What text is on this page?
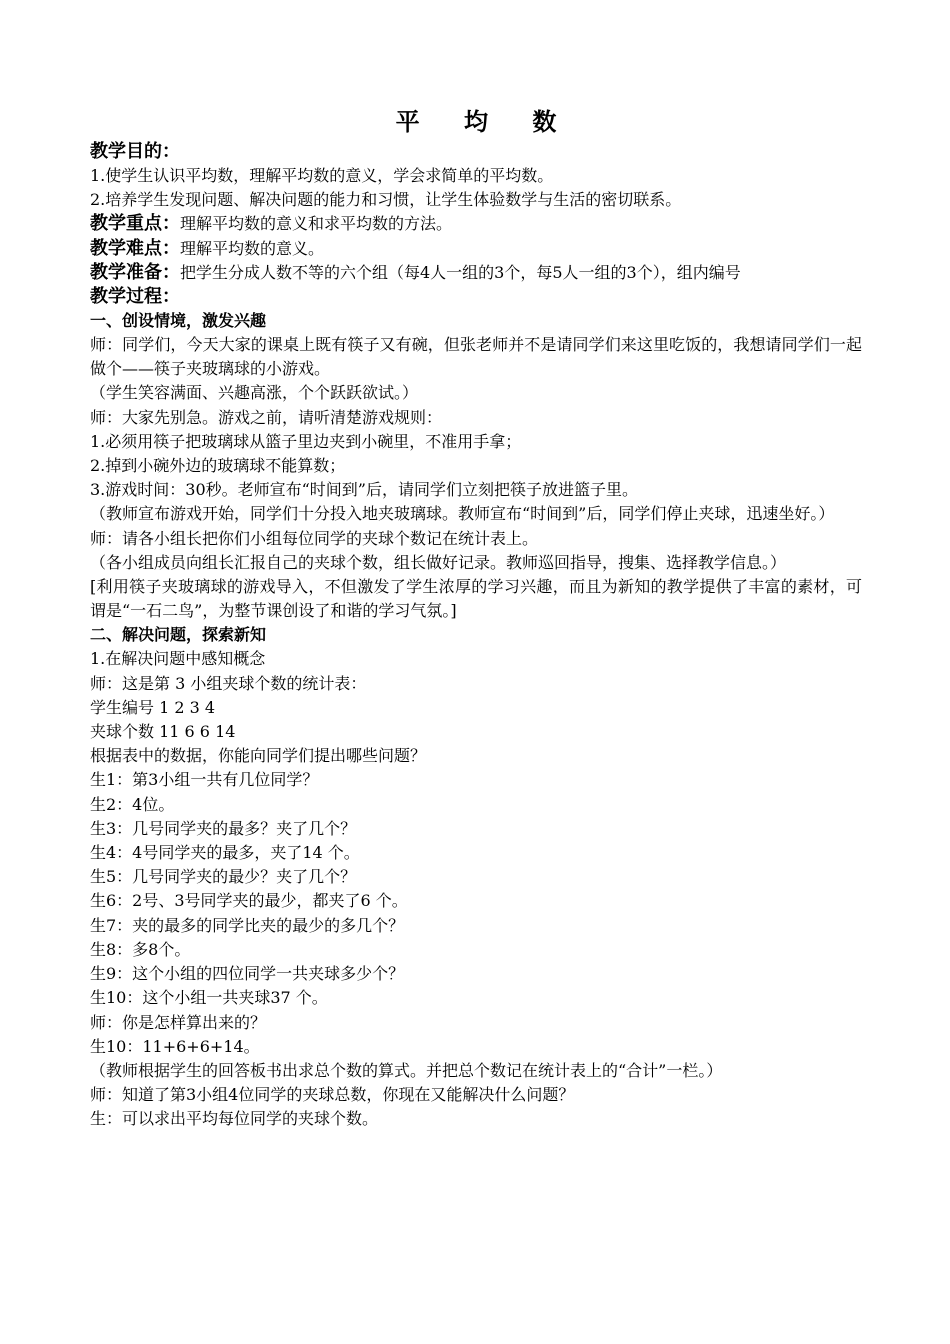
平 均 数
教学目的：
1.使学生认识平均数，理解平均数的意义，学会求简单的平均数。
2.培养学生发现问题、解决问题的能力和习惯，让学生体验数学与生活的密切联系。
教学重点：理解平均数的意义和求平均数的方法。
教学难点：理解平均数的意义。
教学准备：把学生分成人数不等的六个组（每4人一组的3个，每5人一组的3个），组内编号
教学过程：
一、创设情境，激发兴趣
师：同学们，今天大家的课桌上既有筷子又有碗，但张老师并不是请同学们来这里吃饭的，我想请同学们一起做个——筷子夹玻璃球的小游戏。
（学生笑容满面、兴趣高涨，个个跃跃欲试。）
师：大家先别急。游戏之前，请听清楚游戏规则：
1.必须用筷子把玻璃球从篮子里边夹到小碗里，不准用手拿；
2.掉到小碗外边的玻璃球不能算数；
3.游戏时间：30秒。老师宣布“时间到”后，请同学们立刻把筷子放进篮子里。
（教师宣布游戏开始，同学们十分投入地夹玻璃球。教师宣布“时间到”后，同学们停止夹球，迅速坐好。）
师：请各小组长把你们小组每位同学的夹球个数记在统计表上。
（各小组成员向组长汇报自己的夹球个数，组长做好记录。教师巡回指导，搜集、选择教学信息。）
[利用筷子夹玻璃球的游戏导入，不但激发了学生浓厚的学习兴趣，而且为新知的教学提供了丰富的素材，可谓是“一石二鸟”，为整节课创设了和谐的学习气氛。]
二、解决问题，探索新知
1.在解决问题中感知概念
师：这是第 3 小组夹球个数的统计表：
学生编号 1 2 3 4
夹球个数 11 6 6 14
根据表中的数据，你能向同学们提出哪些问题？
生1：第3小组一共有几位同学？
生2：4位。
生3：几号同学夹的最多？夹了几个？
生4：4号同学夹的最多，夹了14 个。
生5：几号同学夹的最少？夹了几个？
生6：2号、3号同学夹的最少，都夹了6 个。
生7：夹的最多的同学比夹的最少的多几个？
生8：多8个。
生9：这个小组的四位同学一共夹球多少个？
生10：这个小组一共夹球37 个。
师：你是怎样算出来的？
生10：11+6+6+14。
（教师根据学生的回答板书出求总个数的算式。并把总个数记在统计表上的“合计”一栏。）
师：知道了第3小组4位同学的夹球总数，你现在又能解决什么问题？
生：可以求出平均每位同学的夹球个数。
